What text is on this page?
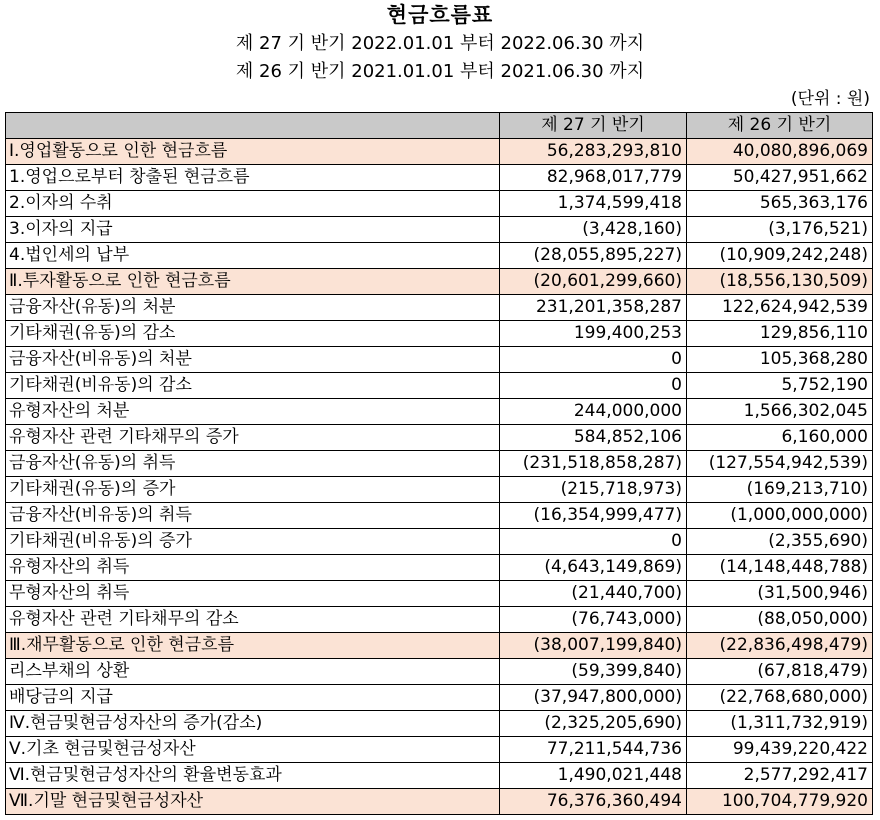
현금흐름표
제 27 기 반기 2022.01.01 부터 2022.06.30 까지
제 26 기 반기 2021.01.01 부터 2021.06.30 까지
(단위 : 원)
	제 27 기 반기	제 26 기 반기
Ⅰ.영업활동으로 인한 현금흐름	56,283,293,810	40,080,896,069
1.영업으로부터 창출된 현금흐름	82,968,017,779	50,427,951,662
2.이자의 수취	1,374,599,418	565,363,176
3.이자의 지급	(3,428,160)	(3,176,521)
4.법인세의 납부	(28,055,895,227)	(10,909,242,248)
Ⅱ.투자활동으로 인한 현금흐름	(20,601,299,660)	(18,556,130,509)
금융자산(유동)의 처분	231,201,358,287	122,624,942,539
기타채권(유동)의 감소	199,400,253	129,856,110
금융자산(비유동)의 처분	0	105,368,280
기타채권(비유동)의 감소	0	5,752,190
유형자산의 처분	244,000,000	1,566,302,045
유형자산 관련 기타채무의 증가	584,852,106	6,160,000
금융자산(유동)의 취득	(231,518,858,287)	(127,554,942,539)
기타채권(유동)의 증가	(215,718,973)	(169,213,710)
금융자산(비유동)의 취득	(16,354,999,477)	(1,000,000,000)
기타채권(비유동)의 증가	0	(2,355,690)
유형자산의 취득	(4,643,149,869)	(14,148,448,788)
무형자산의 취득	(21,440,700)	(31,500,946)
유형자산 관련 기타채무의 감소	(76,743,000)	(88,050,000)
Ⅲ.재무활동으로 인한 현금흐름	(38,007,199,840)	(22,836,498,479)
리스부채의 상환	(59,399,840)	(67,818,479)
배당금의 지급	(37,947,800,000)	(22,768,680,000)
Ⅳ.현금및현금성자산의 증가(감소)	(2,325,205,690)	(1,311,732,919)
Ⅴ.기초 현금및현금성자산	77,211,544,736	99,439,220,422
Ⅵ.현금및현금성자산의 환율변동효과	1,490,021,448	2,577,292,417
Ⅶ.기말 현금및현금성자산	76,376,360,494	100,704,779,920
